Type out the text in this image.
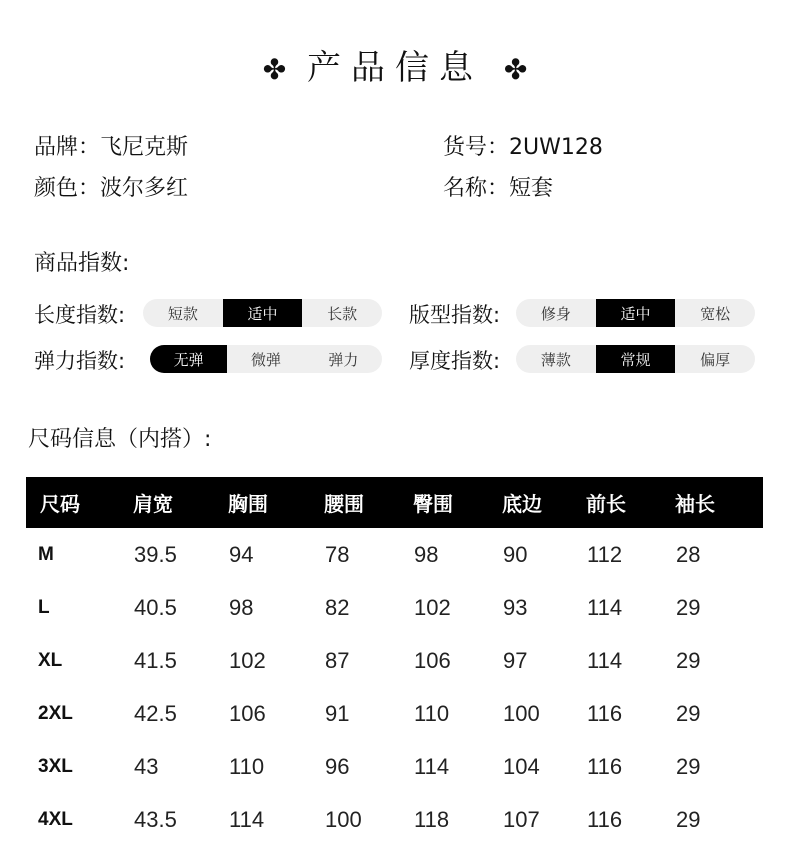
✤ 产品信息 ✤
品牌：飞尼克斯	货号：2UW128
颜色：波尔多红	名称：短套
商品指数:
长度指数:	短款	适中	长款	版型指数:	修身	适中	宽松
弹力指数:	无弹	微弹	弹力	厚度指数:	薄款	常规	偏厚
尺码信息（内搭）:
尺码	肩宽	胸围	腰围	臀围	底边	前长	袖长
M	39.5	94	78	98	90	112	28
L	40.5	98	82	102	93	114	29
XL	41.5	102	87	106	97	114	29
2XL	42.5	106	91	110	100	116	29
3XL	43	110	96	114	104	116	29
4XL	43.5	114	100	118	107	116	29
